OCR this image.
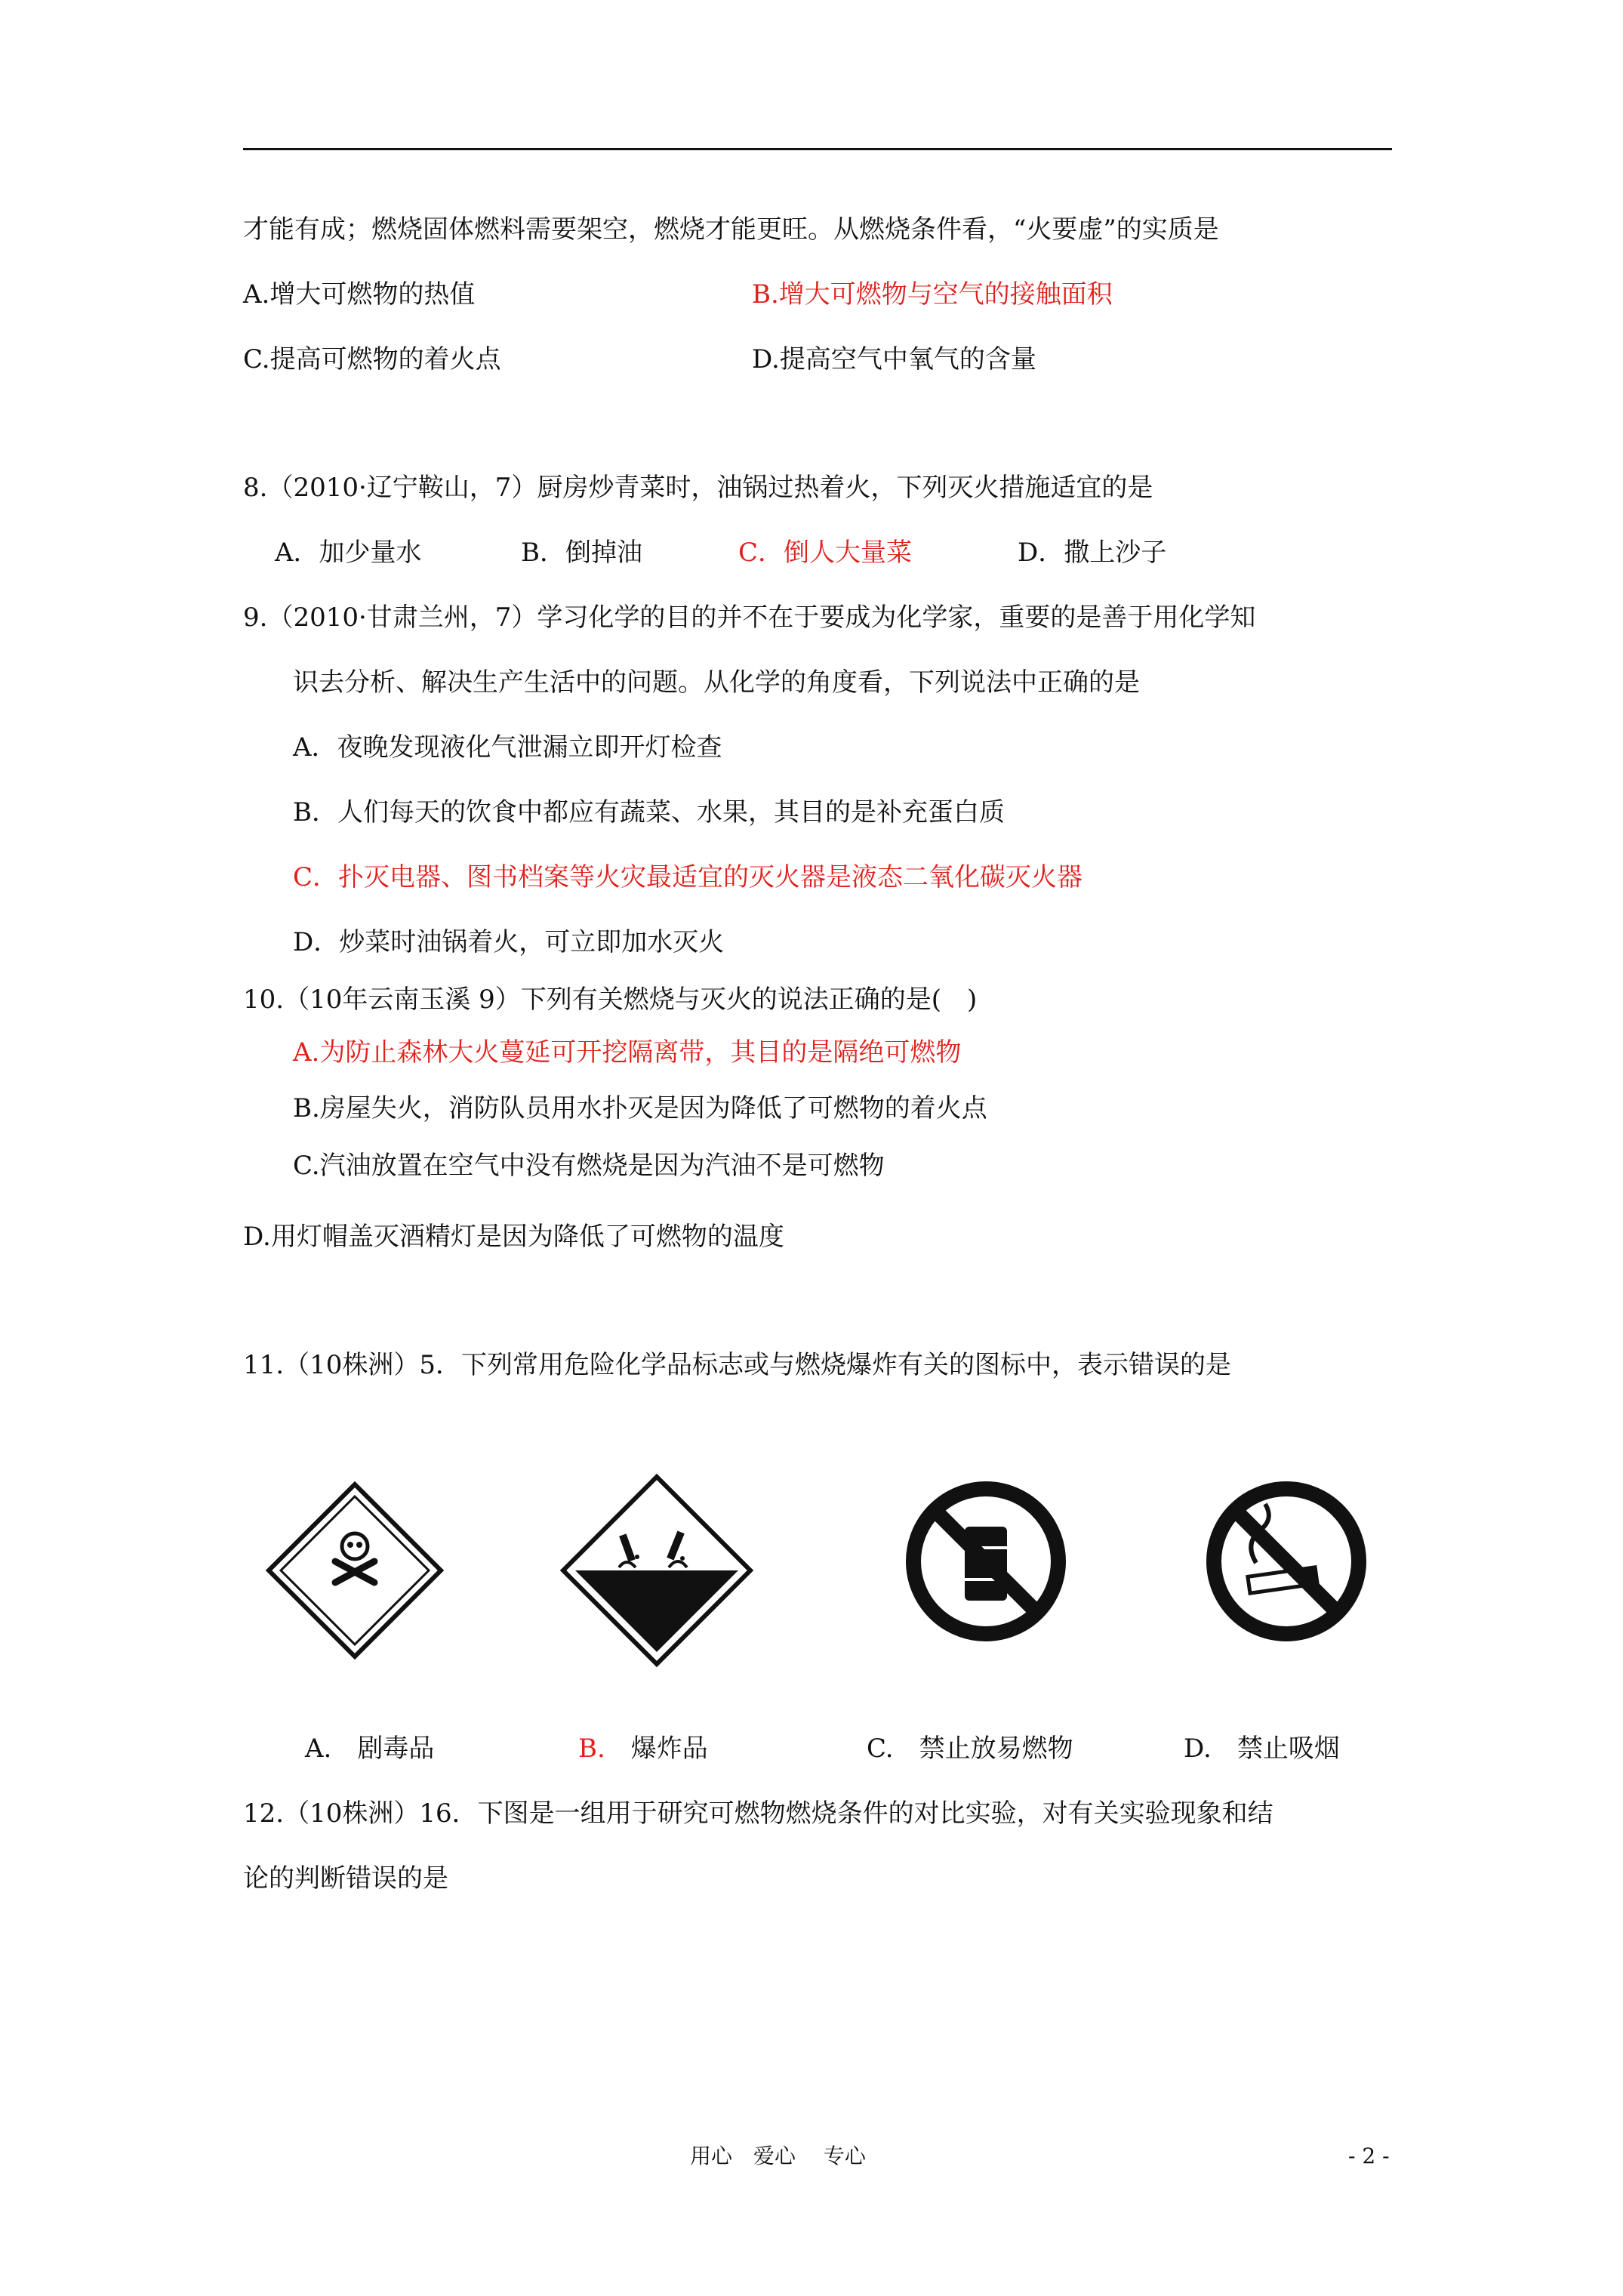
才能有成；燃烧固体燃料需要架空，燃烧才能更旺。从燃烧条件看，“火要虚”的实质是
A.增大可燃物的热值	B.增大可燃物与空气的接触面积
C.提高可燃物的着火点	D.提高空气中氧气的含量
8.（2010·辽宁鞍山，7）厨房炒青菜时，油锅过热着火，下列灭火措施适宜的是
A．加少量水	B．倒掉油	C．倒人大量菜	D．撒上沙子
9.（2010·甘肃兰州，7）学习化学的目的并不在于要成为化学家，重要的是善于用化学知
识去分析、解决生产生活中的问题。从化学的角度看，下列说法中正确的是
A．夜晚发现液化气泄漏立即开灯检查
B．人们每天的饮食中都应有蔬菜、水果，其目的是补充蛋白质
C．扑灭电器、图书档案等火灾最适宜的灭火器是液态二氧化碳灭火器
D．炒菜时油锅着火，可立即加水灭火
10.（10年云南玉溪 9）下列有关燃烧与灭火的说法正确的是(　)
A.为防止森林大火蔓延可开挖隔离带，其目的是隔绝可燃物
B.房屋失火，消防队员用水扑灭是因为降低了可燃物的着火点
C.汽油放置在空气中没有燃烧是因为汽油不是可燃物
D.用灯帽盖灭酒精灯是因为降低了可燃物的温度
11.（10株洲）5．下列常用危险化学品标志或与燃烧爆炸有关的图标中，表示错误的是
A.　 剧毒品	B.　 爆炸品	C.　 禁止放易燃物	D.　 禁止吸烟
12.（10株洲）16．下图是一组用于研究可燃物燃烧条件的对比实验，对有关实验现象和结
论的判断错误的是
用心　爱心　 专心	- 2 -
